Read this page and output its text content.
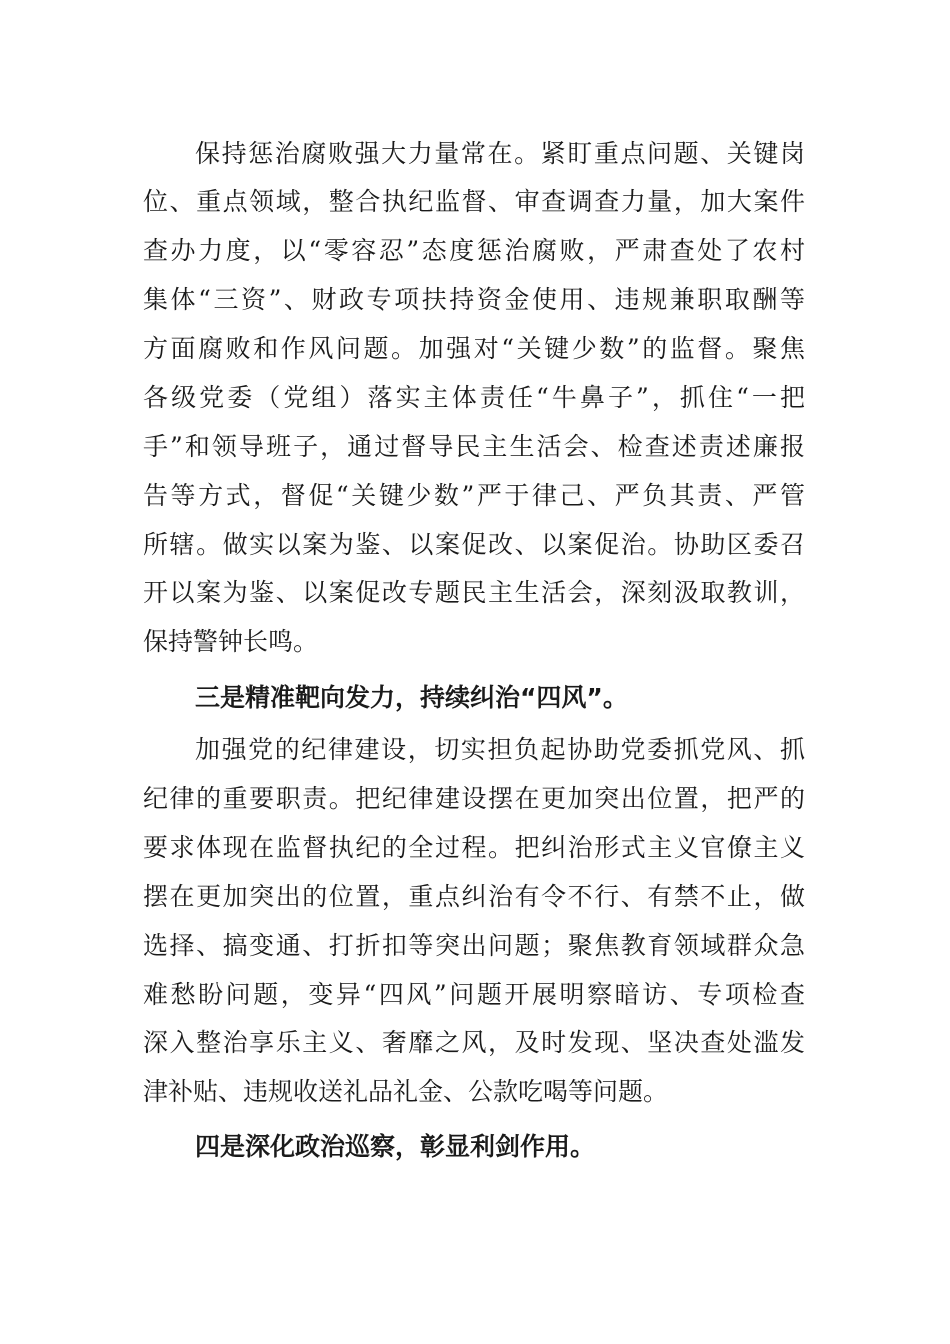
保持惩治腐败强大力量常在。紧盯重点问题、关键岗

位、重点领域，整合执纪监督、审查调查力量，加大案件

查办力度，以“零容忍”态度惩治腐败，严肃查处了农村

集体“三资”、财政专项扶持资金使用、违规兼职取酬等

方面腐败和作风问题。加强对“关键少数”的监督。聚焦

各级党委（党组）落实主体责任“牛鼻子”，抓住“一把

手”和领导班子，通过督导民主生活会、检查述责述廉报

告等方式，督促“关键少数”严于律己、严负其责、严管

所辖。做实以案为鉴、以案促改、以案促治。协助区委召

开以案为鉴、以案促改专题民主生活会，深刻汲取教训，

保持警钟长鸣。

三是精准靶向发力，持续纠治“四风”。

加强党的纪律建设，切实担负起协助党委抓党风、抓

纪律的重要职责。把纪律建设摆在更加突出位置，把严的

要求体现在监督执纪的全过程。把纠治形式主义官僚主义

摆在更加突出的位置，重点纠治有令不行、有禁不止，做

选择、搞变通、打折扣等突出问题；聚焦教育领域群众急

难愁盼问题，变异“四风”问题开展明察暗访、专项检查

深入整治享乐主义、奢靡之风，及时发现、坚决查处滥发

津补贴、违规收送礼品礼金、公款吃喝等问题。

四是深化政治巡察，彰显利剑作用。
